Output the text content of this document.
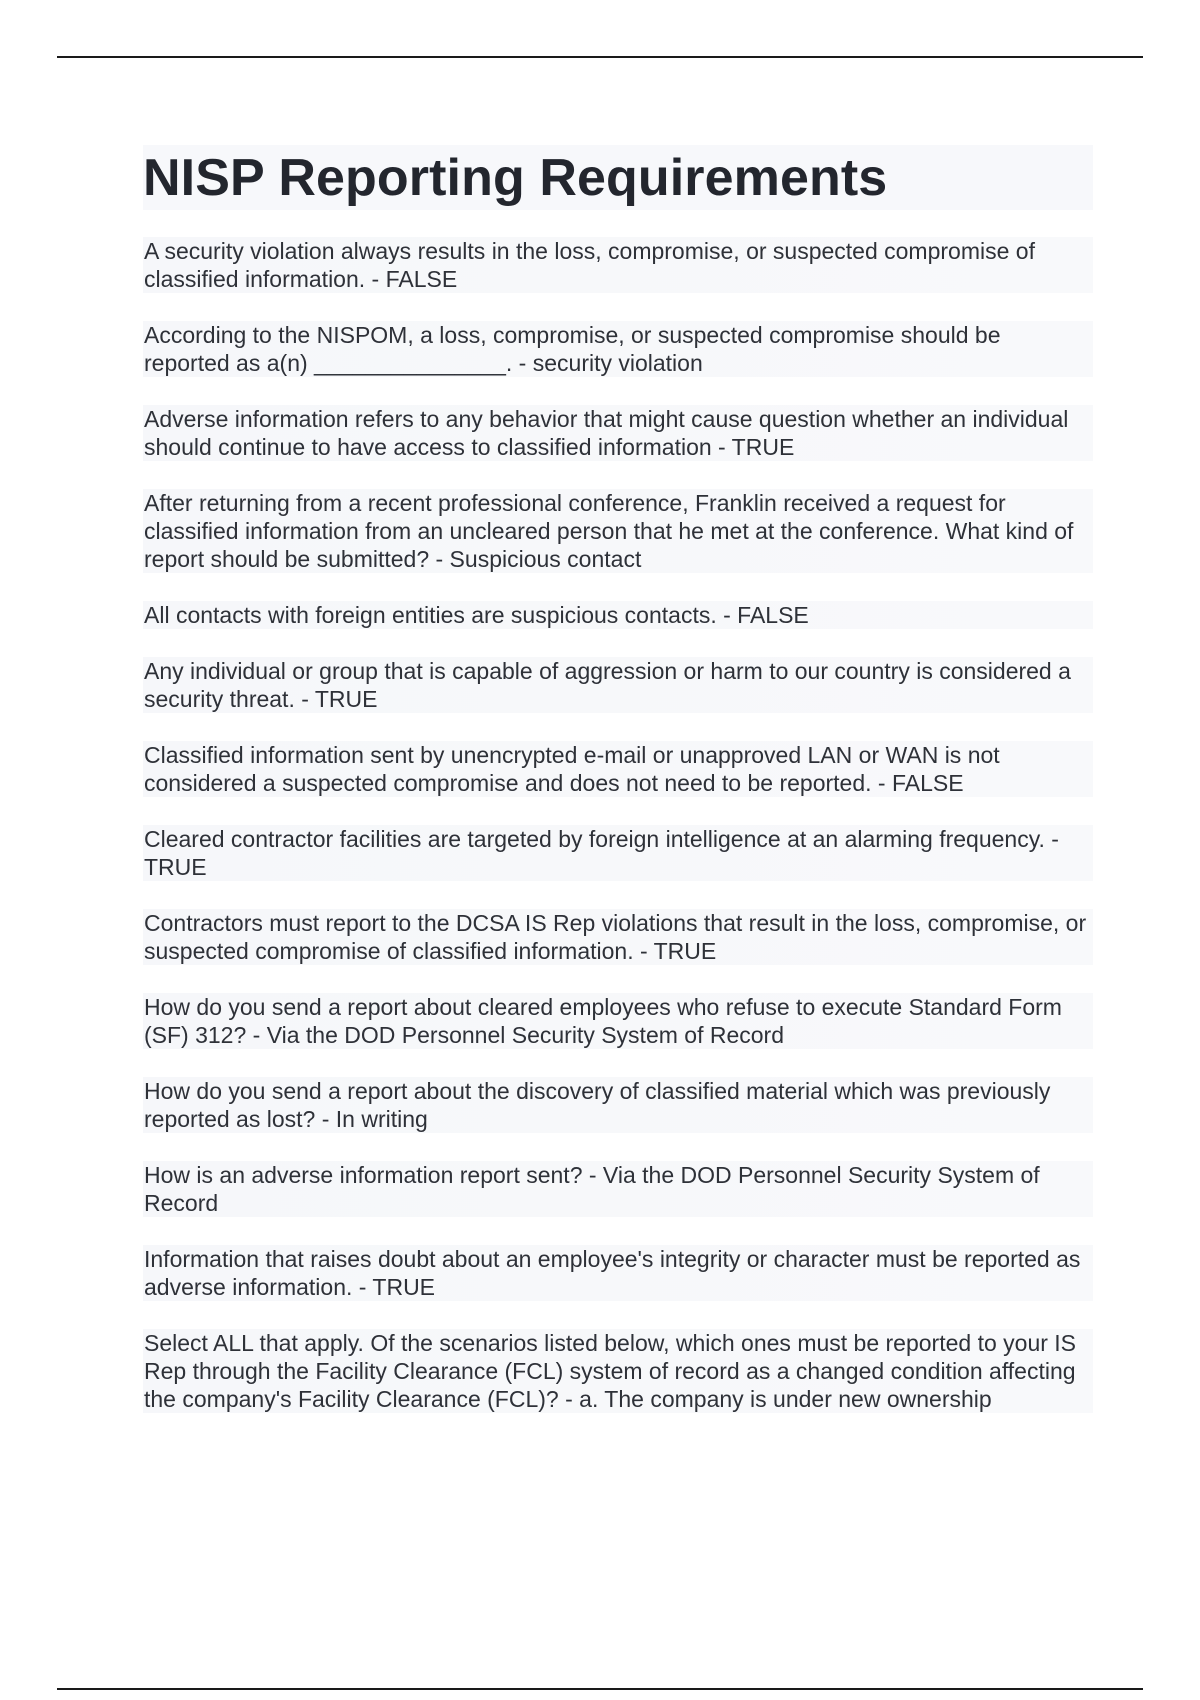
NISP Reporting Requirements

A security violation always results in the loss, compromise, or suspected compromise of classified information. - FALSE

According to the NISPOM, a loss, compromise, or suspected compromise should be reported as a(n) _______________. - security violation

Adverse information refers to any behavior that might cause question whether an individual should continue to have access to classified information - TRUE

After returning from a recent professional conference, Franklin received a request for classified information from an uncleared person that he met at the conference. What kind of report should be submitted? - Suspicious contact

All contacts with foreign entities are suspicious contacts. - FALSE

Any individual or group that is capable of aggression or harm to our country is considered a security threat. - TRUE

Classified information sent by unencrypted e-mail or unapproved LAN or WAN is not considered a suspected compromise and does not need to be reported. - FALSE

Cleared contractor facilities are targeted by foreign intelligence at an alarming frequency. - TRUE

Contractors must report to the DCSA IS Rep violations that result in the loss, compromise, or suspected compromise of classified information. - TRUE

How do you send a report about cleared employees who refuse to execute Standard Form (SF) 312? - Via the DOD Personnel Security System of Record

How do you send a report about the discovery of classified material which was previously reported as lost? - In writing

How is an adverse information report sent? - Via the DOD Personnel Security System of Record

Information that raises doubt about an employee's integrity or character must be reported as adverse information. - TRUE

Select ALL that apply. Of the scenarios listed below, which ones must be reported to your IS Rep through the Facility Clearance (FCL) system of record as a changed condition affecting the company's Facility Clearance (FCL)? - a. The company is under new ownership
